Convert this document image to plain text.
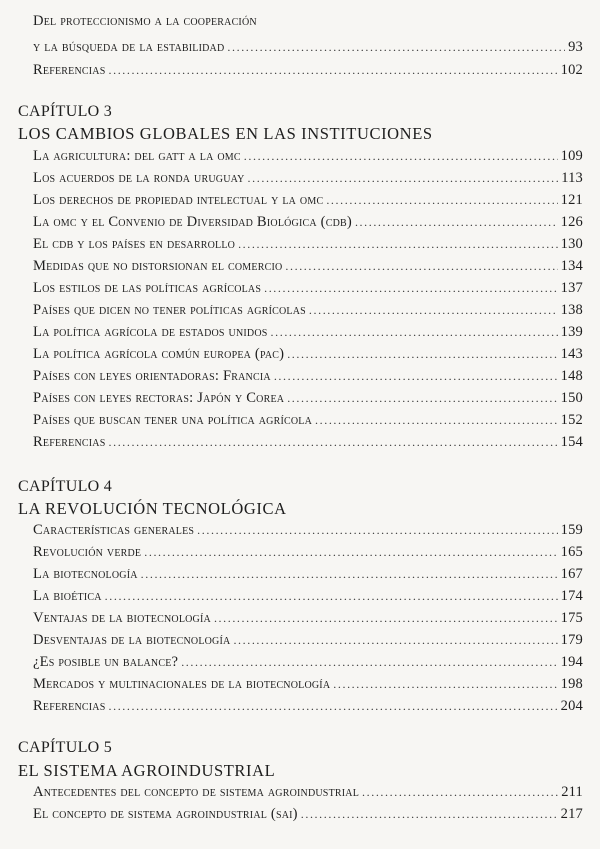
Del proteccionismo a la cooperación
y la búsqueda de la estabilidad .....	93
Referencias .....	102
CAPÍTULO 3
LOS CAMBIOS GLOBALES EN LAS INSTITUCIONES
La agricultura: del gatt a la omc .....	109
Los acuerdos de la ronda uruguay .....	113
Los derechos de propiedad intelectual y la omc .....	121
La omc y el Convenio de Diversidad Biológica (cdb) .....	126
El cdb y los países en desarrollo .....	130
Medidas que no distorsionan el comercio .....	134
Los estilos de las políticas agrícolas .....	137
Países que dicen no tener políticas agrícolas .....	138
La política agrícola de estados unidos .....	139
La política agrícola común europea (pac) .....	143
Países con leyes orientadoras: Francia .....	148
Países con leyes rectoras: Japón y Corea .....	150
Países que buscan tener una política agrícola .....	152
Referencias .....	154
CAPÍTULO 4
LA REVOLUCIÓN TECNOLÓGICA
Características generales .....	159
Revolución verde .....	165
La biotecnología .....	167
La bioética .....	174
Ventajas de la biotecnología .....	175
Desventajas de la biotecnología .....	179
¿Es posible un balance? .....	194
Mercados y multinacionales de la biotecnología .....	198
Referencias .....	204
CAPÍTULO 5
EL SISTEMA AGROINDUSTRIAL
Antecedentes del concepto de sistema agroindustrial .....	211
El concepto de sistema agroindustrial (sai) .....	217
